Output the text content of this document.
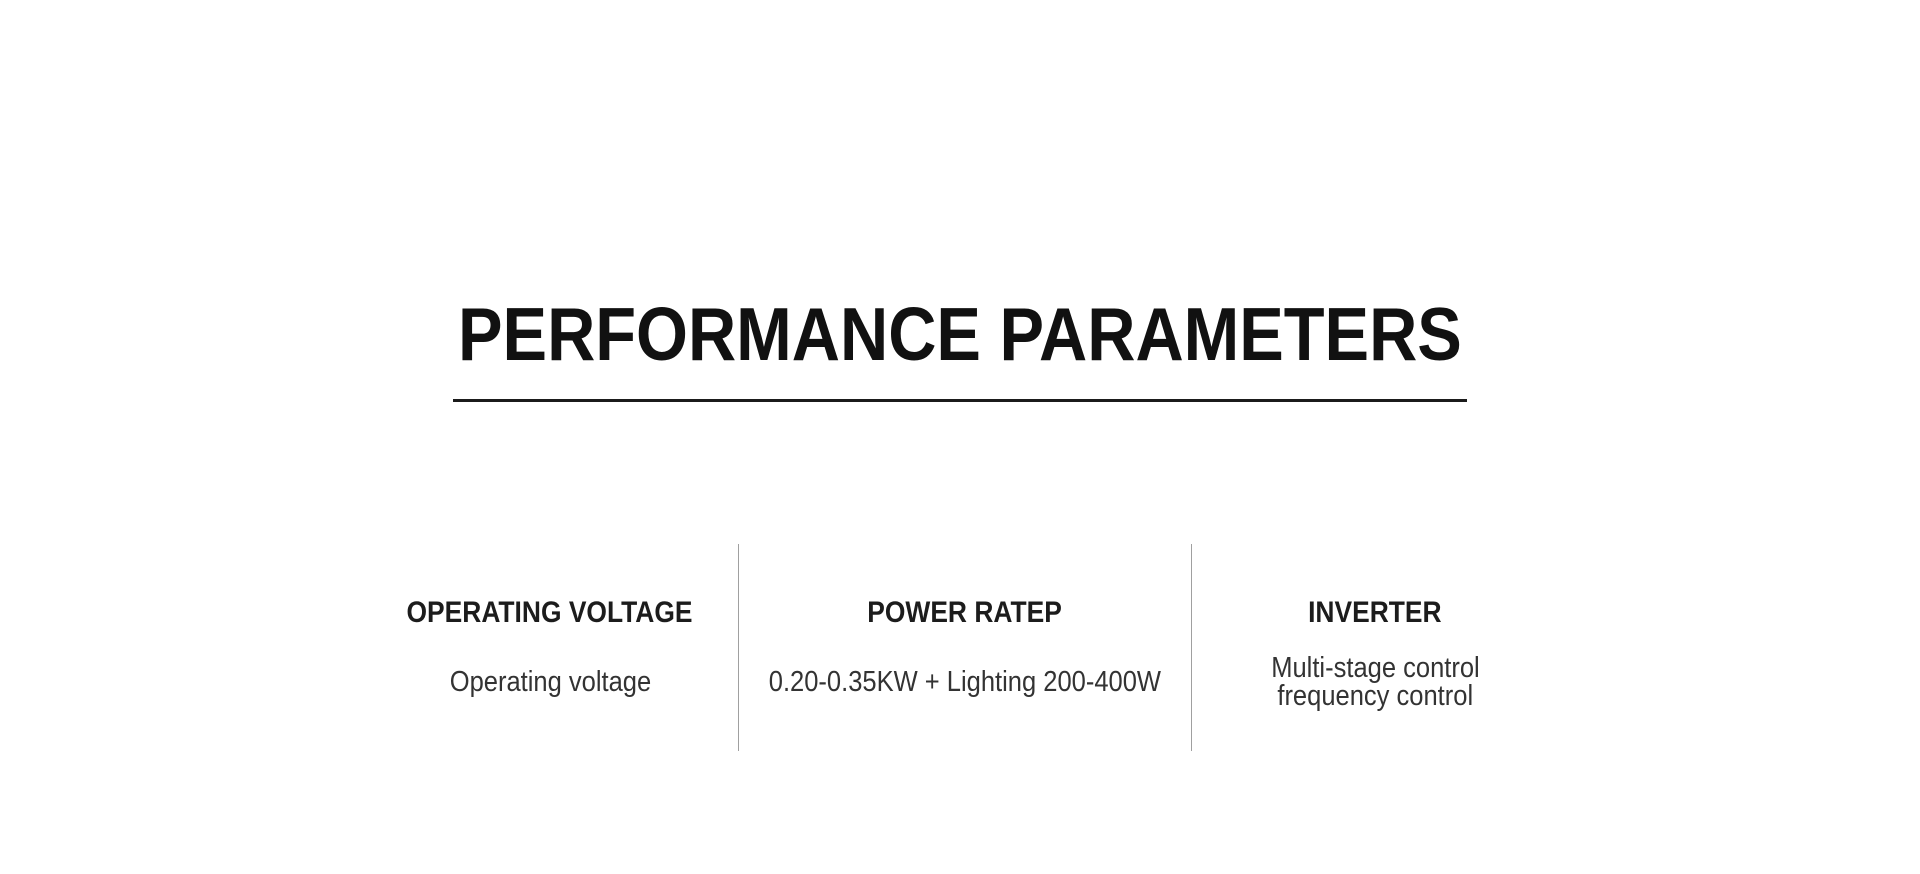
PERFORMANCE PARAMETERS
OPERATING VOLTAGE
Operating voltage
POWER RATEP
0.20-0.35KW + Lighting 200-400W
INVERTER
Multi-stage control
frequency control
